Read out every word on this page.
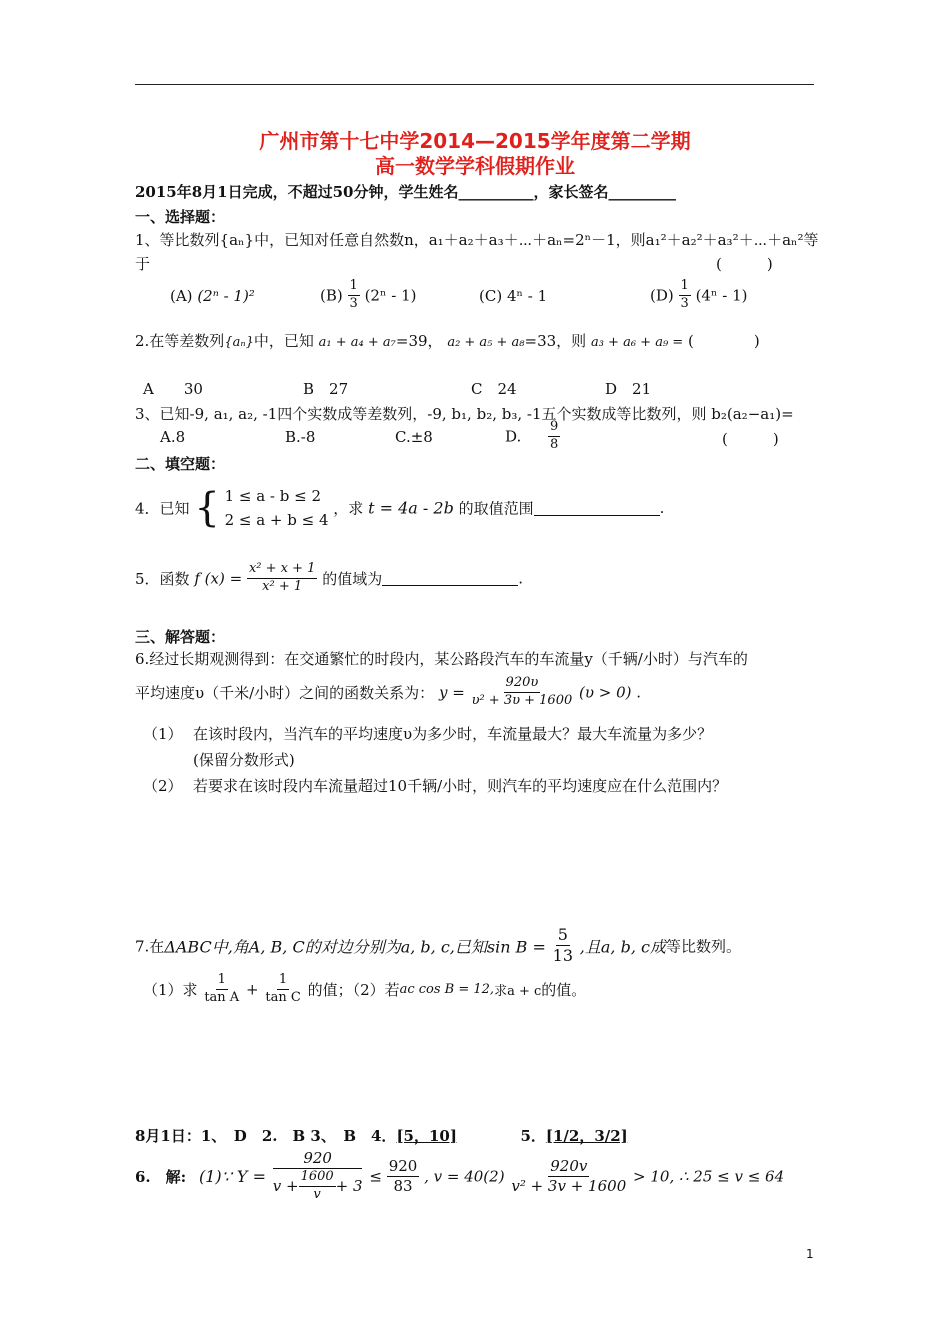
广州市第十七中学2014—2015学年度第二学期
高一数学学科假期作业
2015年8月1日完成，不超过50分钟，学生姓名__________，家长签名_________
一、选择题：
1、等比数列{aₙ}中，已知对任意自然数n，a₁＋a₂＋a₃＋⋯＋aₙ=2ⁿ－1，则a₁²＋a₂²＋a₃²＋⋯＋aₙ²等
于	(　　　)
(A) (2ⁿ - 1)²	$(B) \frac{1}{3} (2^n - 1)$	(C) 4ⁿ - 1	$(D) \frac{1}{3} (4^n - 1)$
2.在等差数列{aₙ}中，已知 a₁ + a₄ + a₇=39， a₂ + a₅ + a₈=33，则 a₃ + a₆ + a₉ = (　　　　)
A　　30	B　27	C　24	D　21
3、已知-9, a₁, a₂, -1四个实数成等差数列，-9, b₁, b₂, b₃, -1五个实数成等比数列，则 b₂(a₂−a₁)=
A.8	B.-8	C.±8	D. $\frac{9}{8}$	(　　　)
二、填空题：
4．已知 { 1 ≤ a - b ≤ 2
2 ≤ a + b ≤ 4
，求 t = 4a - 2b 的取值范围	.
5．函数 f $(x) = \frac{\text{x² + x + 1}}{\text{x² + 1}}$ 的值域为	.
三、解答题：
6.经过长期观测得到：在交通繁忙的时段内，某公路段汽车的车流量y（千辆/小时）与汽车的
平均速度υ（千米/小时）之间的函数关系为： $y = \frac{920\upsilon}{\text{υ² + 3υ + 1600}} (\upsilon > 0)$ .
（1） 在该时段内，当汽车的平均速度υ为多少时，车流量最大？最大车流量为多少？
(保留分数形式)
（2） 若要求在该时段内车流量超过10千辆/小时，则汽车的平均速度应在什么范围内？
7.在ΔABC中,角A, B, C的对边分别为a, b, c,已知$\sin B = \frac{5}{13}$ ,且a, b, c成等比数列。
（1）求 $\frac{1}{\text{tan A}} + \frac{1}{\text{tan C}}$ 的值；（2）若ac cos B = 12,求a + c的值。
8月1日：1、　D　2.　B 3、　B　4．[5，10]	5．[1/2，3/2]
6.　解: (1)∵ $Y = \frac{920}{v + \frac{1600}{v} + 3} \le \frac{920}{83}$ , $v = 40(2) \frac{920v}{\text{v² + 3v + 1600}} > 10$, ∴ 25 ≤ v ≤ 64
1
